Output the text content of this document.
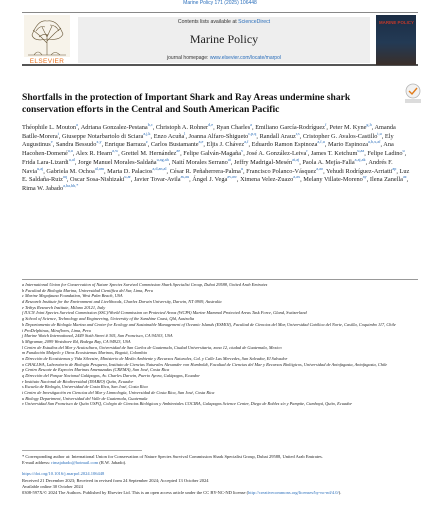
Marine Policy 171 (2025) 106448
ELSEVIER
Contents lists available at ScienceDirect
Marine Policy
journal homepage: www.elsevier.com/locate/marpol
MARINE POLICY
Shortfalls in the protection of Important Shark and Ray Areas undermine shark conservation efforts in the Central and South American Pacific
Théophile L. Mouton$^a$, Adriana Gonzalez-Pestana$^{b,c}$, Christoph A. Rohner$^{d,e}$, Ryan Charles$^a$, Emiliano García-Rodríguez$^f$, Peter M. Kyne$^{g,h}$, Amanda Batlle-Morera$^i$, Giuseppe Notarbartolo di Sciara$^{a,j,k}$, Enzo Acuña$^l$, Joanna Alfaro-Shigueto$^{c,p,q}$, Randall Arauz$^{r,s}$, Cristopher G. Avalos-Castillo$^{t,u}$, Ely Augustinus$^v$, Sandra Bessudo$^{x,y}$, Enrique Barraza$^z$, Carlos Bustamante$^{a,e}$, Eljis J. Chávez$^{a,f}$, Eduardo Ramon Espinoza$^{a,f,u}$, Mario Espinoza$^{a,b,x,af}$, Ana Hacohen-Domené$^{a,u}$, Alex R. Hearn$^{a,w}$, Grettel M. Hernández$^{ae}$, Felipe Galván-Magaña$^v$, José A. González-Leiva$^r$, James T. Ketchum$^{u,aa}$, Felipe Ladino$^u$, Frida Lara-Lizardi$^{u,al}$, Jorge Manuel Morales-Saldaña$^{u,ag,ah}$, Naití Morales Serrano$^{ai}$, Jeffry Madrigal-Mesén$^{ai,aj}$, Paola A. Mejía-Falla$^{a,aj,ak}$, Andrés F. Navia$^{u,aj}$, Gabriela M. Ochoa$^{al,am}$, Marta D. Palacios$^{a,d,an,al}$, César R. Peñaherrera-Palma$^u$, Francisco Polanco-Vásquez$^{a,ao}$, Yehudi Rodríguez-Arriatti$^{ap}$, Luz E. Saldaña-Ruiz$^{aq}$, Oscar Sosa-Nishizaki$^{u,ar}$, Javier Tovar-Avila$^{as,au}$, Ángel J. Vega$^{av,aw}$, Ximena Velez-Zuazo$^{a,ax}$, Melany Villate-Moreno$^{ay}$, Ilena Zanella$^{az}$, Rima W. Jabado$^{a,ba,bb,*}$
a International Union for Conservation of Nature Species Survival Commission Shark Specialist Group, Dubai 29588, United Arab Emirates
b Facultad de Biología Marina, Universidad Científica del Sur, Lima, Peru
c Marine Megafauna Foundation, West Palm Beach, USA
d Research Institute for the Environment and Livelihoods, Charles Darwin University, Darwin, NT 0909, Australia
e Tethys Research Institute, Milano 20121, Italy
f IUCN Joint Species Survival Commission (SSC)/World Commission on Protected Areas (WCPA) Marine Mammal Protected Areas Task Force, Gland, Switzerland
g School of Science, Technology and Engineering, University of the Sunshine Coast, Qld, Australia
h Departamento de Biología Marina and Center for Ecology and Sustainable Management of Oceanic Islands (ESMOI), Facultad de Ciencias del Mar, Universidad Católica del Norte, Casilla, Coquimbo 117, Chile
i ProDelphinus, Miraflores, Lima, Peru
j Marine Watch International, 2449 Sixth Street # 305, San Francisco, CA 94103, USA
k Migramar, 2099 Westshore Rd, Bodega Bay, CA 94923, USA
l Centro de Estudios del Mar y Acuicultura, Universidad de San Carlos de Guatemala, Ciudad Universitaria, zona 12, ciudad de Guatemala, Mexico
m Fundación Malpelo y Otros Ecosistemas Marinos, Bogotá, Colombia
n Dirección de Ecosistemas y Vida Silvestre, Ministerio de Medio Ambiente y Recursos Naturales, Cal. y Calle Las Mercedes, San Salvador, El Salvador
o CHALLWA, Laboratorio de Biología Pesquera, Instituto de Ciencias Naturales Alexander von Humboldt, Facultad de Ciencias del Mar y Recursos Biológicos, Universidad de Antofagasta, Antofagasta, Chile
p Centro Rescate de Especies Marinas Amenazadas (CREMA), San José, Costa Rica
q Dirección del Parque Nacional Galápagos, Av. Charles Darwin, Puerto Ayora, Galápagos, Ecuador
r Instituto Nacional de Biodiversidad (INABIO) Quito, Ecuador
s Escuela de Biología, Universidad de Costa Rica, San José, Costa Rica
t Centro de Investigación en Ciencias del Mar y Limnología, Universidad de Costa Rica, San José, Costa Rica
u Biology Department, Universidad del Valle de Guatemala, Guatemala
v Universidad San Francisco de Quito USFQ, Colegio de Ciencias Biológicas y Ambientales COCIBA, Galapagos Science Center, Diego de Robles s/n y Pampite, Cumbayá, Quito, Ecuador
* Corresponding author at: International Union for Conservation of Nature Species Survival Commission Shark Specialist Group, Dubai 29588, United Arab Emirates.
E-mail address: rimajabado@hotmail.com (R.W. Jabado).
https://doi.org/10.1016/j.marpol.2024.106448
Received 21 December 2023; Received in revised form 24 September 2024; Accepted 13 October 2024
Available online 30 October 2024
0308-597X/© 2024 The Authors. Published by Elsevier Ltd. This is an open access article under the CC BY-NC-ND license (http://creativecommons.org/licenses/by-nc-nd/4.0/).
